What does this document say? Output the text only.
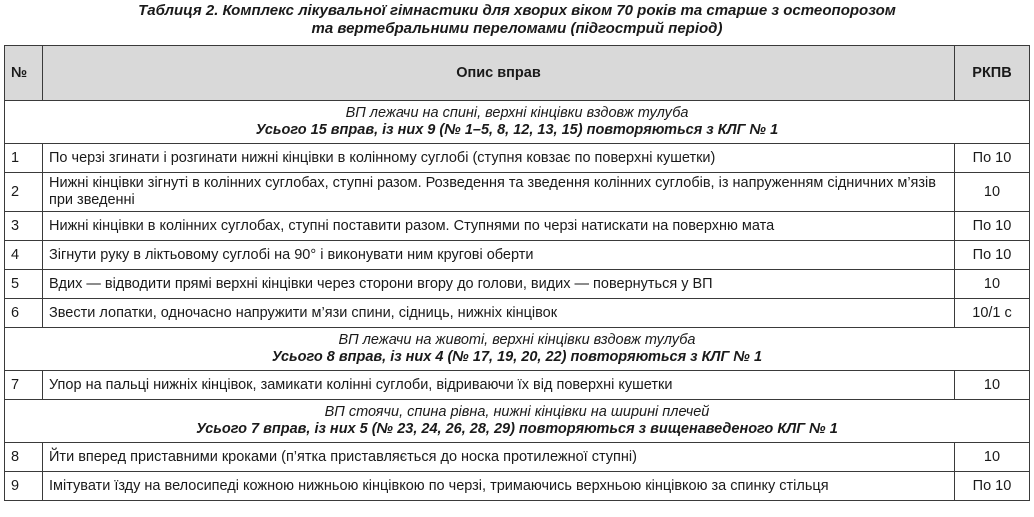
Таблиця 2. Комплекс лікувальної гімнастики для хворих віком 70 років та старше з остеопорозом
та вертебральними переломами (підгострий період)
№	Опис вправ	РКПВ

ВП лежачи на спині, верхні кінцівки вздовж тулуба
Усього 15 вправ, із них 9 (№ 1–5, 8, 12, 13, 15) повторяються з КЛГ № 1		

1	По черзі згинати і розгинати нижні кінцівки в колінному суглобі (ступня ковзає по поверхні кушетки)	По 10
2	Нижні кінцівки зігнуті в колінних суглобах, ступні разом. Розведення та зведення колінних суглобів, із напруженням сідничних м’язів при зведенні	10
3	Нижні кінцівки в колінних суглобах, ступні поставити разом. Ступнями по черзі натискати на поверхню мата	По 10
4	Зігнути руку в ліктьовому суглобі на 90° і виконувати ним кругові оберти	По 10
5	Вдих — відводити прямі верхні кінцівки через сторони вгору до голови, видих — повернуться у ВП	10
6	Звести лопатки, одночасно напружити м’язи спини, сідниць, нижніх кінцівок	10/1 с

ВП лежачи на животі, верхні кінцівки вздовж тулуба
Усього 8 вправ, із них 4 (№ 17, 19, 20, 22) повторяються з КЛГ № 1		

7	Упор на пальці нижніх кінцівок, замикати колінні суглоби, відриваючи їх від поверхні кушетки	10

ВП стоячи, спина рівна, нижні кінцівки на ширині плечей
Усього 7 вправ, із них 5 (№ 23, 24, 26, 28, 29) повторяються з вищенаведеного КЛГ № 1		

8	Йти вперед приставними кроками (п’ятка приставляється до носка протилежної ступні)	10
9	Імітувати їзду на велосипеді кожною нижньою кінцівкою по черзі, тримаючись верхньою кінцівкою за спинку стільця	По 10
